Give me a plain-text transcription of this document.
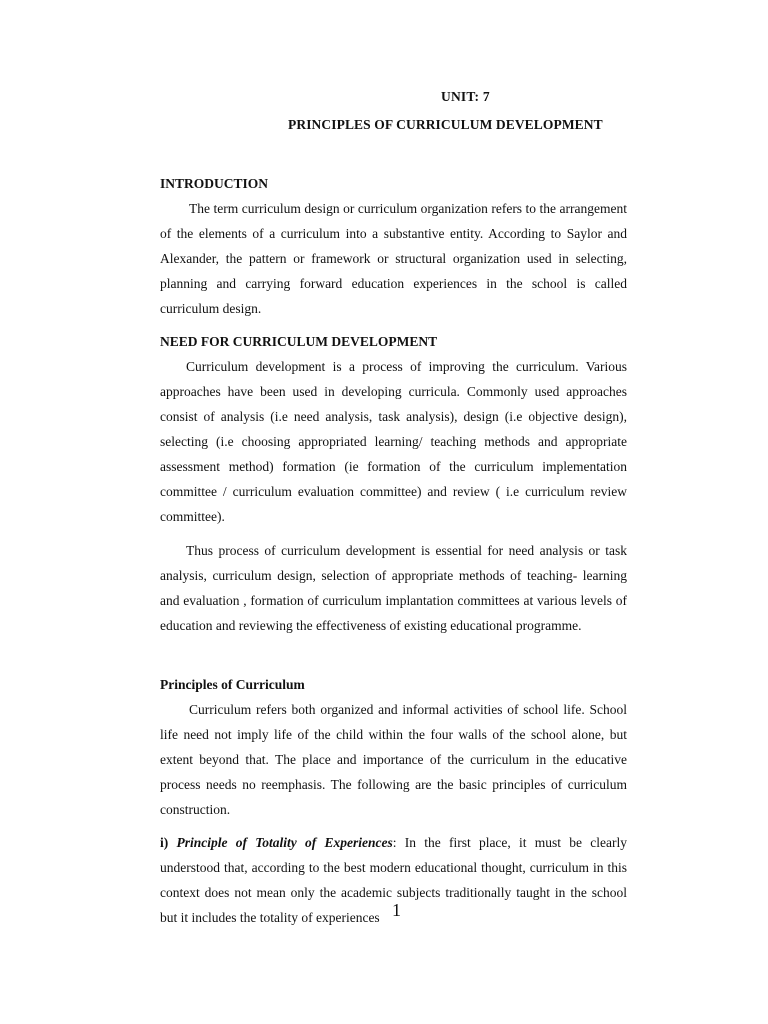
UNIT: 7
PRINCIPLES OF CURRICULUM DEVELOPMENT
INTRODUCTION
The term curriculum design or curriculum organization refers to the arrangement of the elements of a curriculum into a substantive entity. According to Saylor and Alexander, the pattern or framework or structural organization used in selecting, planning and carrying forward education experiences in the school is called curriculum design.
NEED FOR CURRICULUM DEVELOPMENT
Curriculum development is a process of improving the curriculum. Various approaches have been used in developing curricula. Commonly used approaches consist of analysis (i.e need analysis, task analysis), design (i.e objective design), selecting (i.e choosing appropriated learning/ teaching methods and appropriate assessment method) formation (ie formation of the curriculum implementation committee / curriculum evaluation committee) and review ( i.e curriculum review committee).
Thus process of curriculum development is essential for need analysis or task analysis, curriculum design, selection of appropriate methods of teaching- learning and evaluation , formation of curriculum implantation committees at various levels of education and reviewing the effectiveness of existing educational programme.
Principles of Curriculum
Curriculum refers both organized and informal activities of school life. School life need not imply life of the child within the four walls of the school alone, but extent beyond that. The place and importance of the curriculum in the educative process needs no reemphasis. The following are the basic principles of curriculum construction.
i) Principle of Totality of Experiences: In the first place, it must be clearly understood that, according to the best modern educational thought, curriculum in this context does not mean only the academic subjects traditionally taught in the school but it includes the totality of experiences 1
